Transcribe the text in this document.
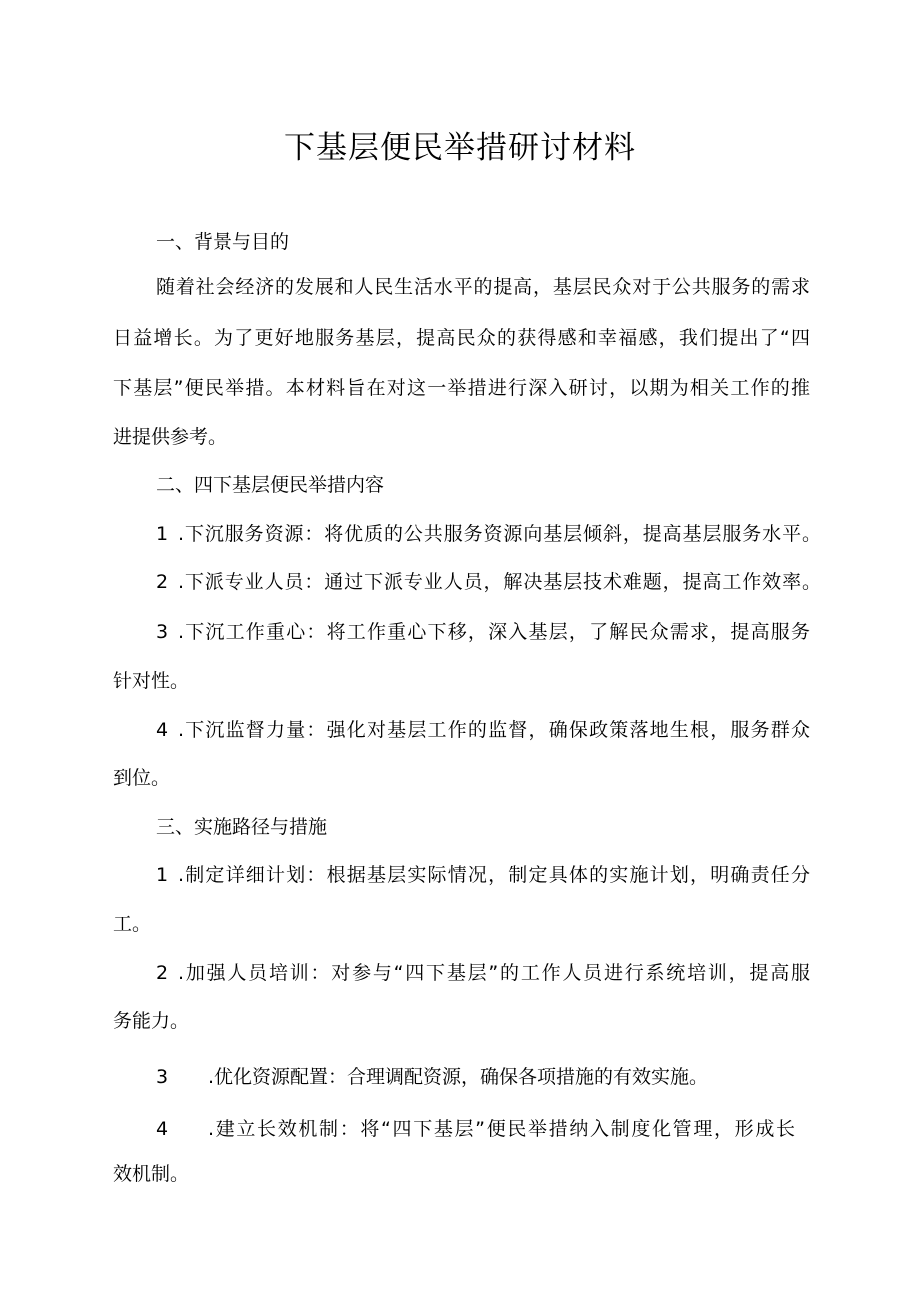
下基层便民举措研讨材料
一、背景与目的
随着社会经济的发展和人民生活水平的提高，基层民众对于公共服务的需求
日益增长。为了更好地服务基层，提高民众的获得感和幸福感，我们提出了“四
下基层”便民举措。本材料旨在对这一举措进行深入研讨，以期为相关工作的推
进提供参考。
二、四下基层便民举措内容
1 .下沉服务资源：将优质的公共服务资源向基层倾斜，提高基层服务水平。
2 .下派专业人员：通过下派专业人员，解决基层技术难题，提高工作效率。
3 .下沉工作重心：将工作重心下移，深入基层，了解民众需求，提高服务
针对性。
4 .下沉监督力量：强化对基层工作的监督，确保政策落地生根，服务群众
到位。
三、实施路径与措施
1 .制定详细计划：根据基层实际情况，制定具体的实施计划，明确责任分
工。
2 .加强人员培训：对参与“四下基层”的工作人员进行系统培训，提高服
务能力。
3 .优化资源配置：合理调配资源，确保各项措施的有效实施。
4 .建立长效机制：将“四下基层”便民举措纳入制度化管理，形成长
效机制。
